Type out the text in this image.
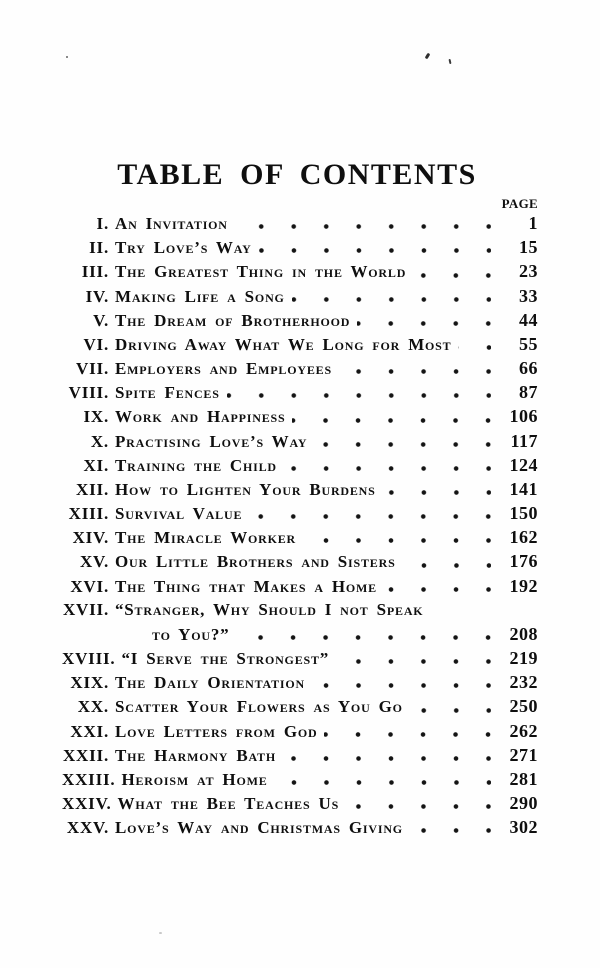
TABLE OF CONTENTS
PAGE
I. An Invitation	1
II. Try Love’s Way	15
III. The Greatest Thing in the World	23
IV. Making Life a Song	33
V. The Dream of Brotherhood	44
VI. Driving Away What We Long for Most	55
VII. Employers and Employees	66
VIII. Spite Fences	87
IX. Work and Happiness	106
X. Practising Love’s Way	117
XI. Training the Child	124
XII. How to Lighten Your Burdens	141
XIII. Survival Value	150
XIV. The Miracle Worker	162
XV. Our Little Brothers and Sisters	176
XVI. The Thing that Makes a Home	192
XVII. “Stranger, Why Should I not Speak
to You?”	208
XVIII. “I Serve the Strongest”	219
XIX. The Daily Orientation	232
XX. Scatter Your Flowers as You Go	250
XXI. Love Letters from God	262
XXII. The Harmony Bath	271
XXIII. Heroism at Home	281
XXIV. What the Bee Teaches Us	290
XXV. Love’s Way and Christmas Giving	302
